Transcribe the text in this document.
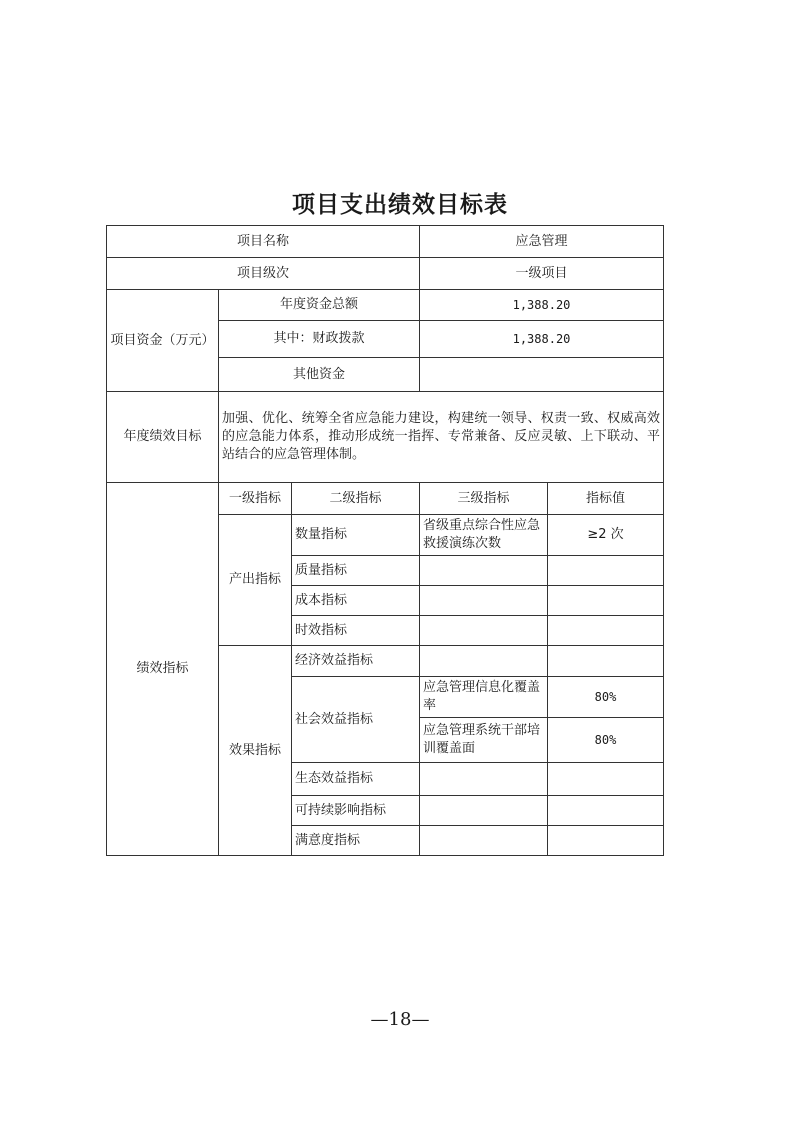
项目支出绩效目标表
项目名称			应急管理	
项目级次			一级项目	
项目资金（万元）	年度资金总额		1,388.20	
	其中：财政拨款		1,388.20	
	其他资金			
年度绩效目标	加强、优化、统筹全省应急能力建设，构建统一领导、权责一致、权威高效的应急能力体系，推动形成统一指挥、专常兼备、反应灵敏、上下联动、平站结合的应急管理体制。			
绩效指标	一级指标	二级指标	三级指标	指标值
	产出指标	数量指标	省级重点综合性应急救援演练次数	≥2 次
		质量指标		
		成本指标		
		时效指标		
	效果指标	经济效益指标		
		社会效益指标	应急管理信息化覆盖率	80%
			应急管理系统干部培训覆盖面	80%
		生态效益指标		
		可持续影响指标		
		满意度指标		
—18—
